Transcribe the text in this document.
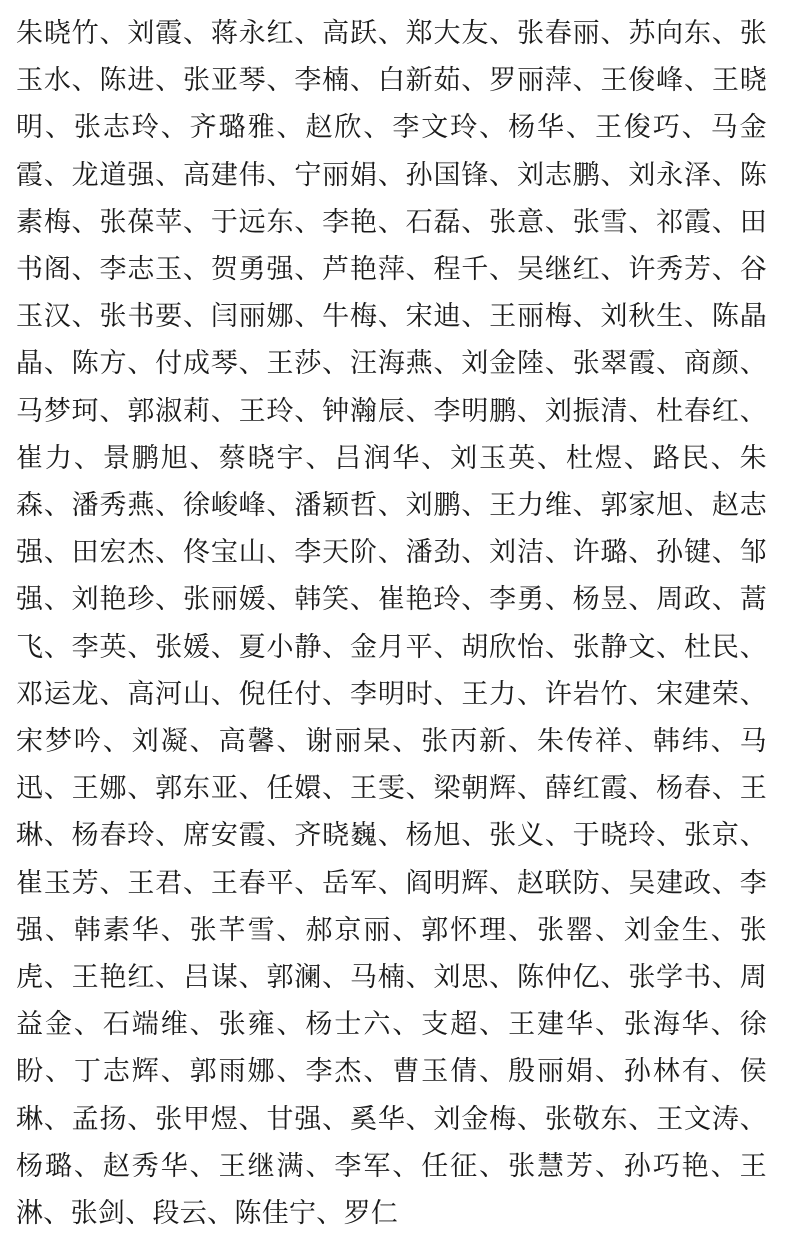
朱晓竹、刘霞、蒋永红、高跃、郑大友、张春丽、苏向东、张玉水、陈进、张亚琴、李楠、白新茹、罗丽萍、王俊峰、王晓明、张志玲、齐璐雅、赵欣、李文玲、杨华、王俊巧、马金霞、龙道强、高建伟、宁丽娟、孙国锋、刘志鹏、刘永泽、陈素梅、张葆苹、于远东、李艳、石磊、张意、张雪、祁霞、田书阁、李志玉、贺勇强、芦艳萍、程千、吴继红、许秀芳、谷玉汉、张书要、闫丽娜、牛梅、宋迪、王丽梅、刘秋生、陈晶晶、陈方、付成琴、王莎、汪海燕、刘金陸、张翠霞、商颜、马梦珂、郭淑莉、王玲、钟瀚辰、李明鹏、刘振清、杜春红、崔力、景鹏旭、蔡晓宇、吕润华、刘玉英、杜煜、路民、朱森、潘秀燕、徐峻峰、潘颖哲、刘鹏、王力维、郭家旭、赵志强、田宏杰、佟宝山、李天阶、潘劲、刘洁、许璐、孙键、邹强、刘艳珍、张丽媛、韩笑、崔艳玲、李勇、杨昱、周政、蒿飞、李英、张媛、夏小静、金月平、胡欣怡、张静文、杜民、邓运龙、高河山、倪任付、李明时、王力、许岩竹、宋建荣、宋梦吟、刘凝、高馨、谢丽杲、张丙新、朱传祥、韩纬、马迅、王娜、郭东亚、任嬛、王雯、梁朝辉、薛红霞、杨春、王琳、杨春玲、席安霞、齐晓巍、杨旭、张义、于晓玲、张京、崔玉芳、王君、王春平、岳军、阎明辉、赵联防、吴建政、李强、韩素华、张芊雪、郝京丽、郭怀理、张罂、刘金生、张虎、王艳红、吕谋、郭澜、马楠、刘思、陈仲亿、张学书、周益金、石端维、张雍、杨士六、支超、王建华、张海华、徐盼、丁志辉、郭雨娜、李杰、曹玉倩、殷丽娟、孙林有、侯琳、孟扬、张甲煜、甘强、奚华、刘金梅、张敬东、王文涛、杨璐、赵秀华、王继满、李军、任征、张慧芳、孙巧艳、王淋、张剑、段云、陈佳宁、罗仁
